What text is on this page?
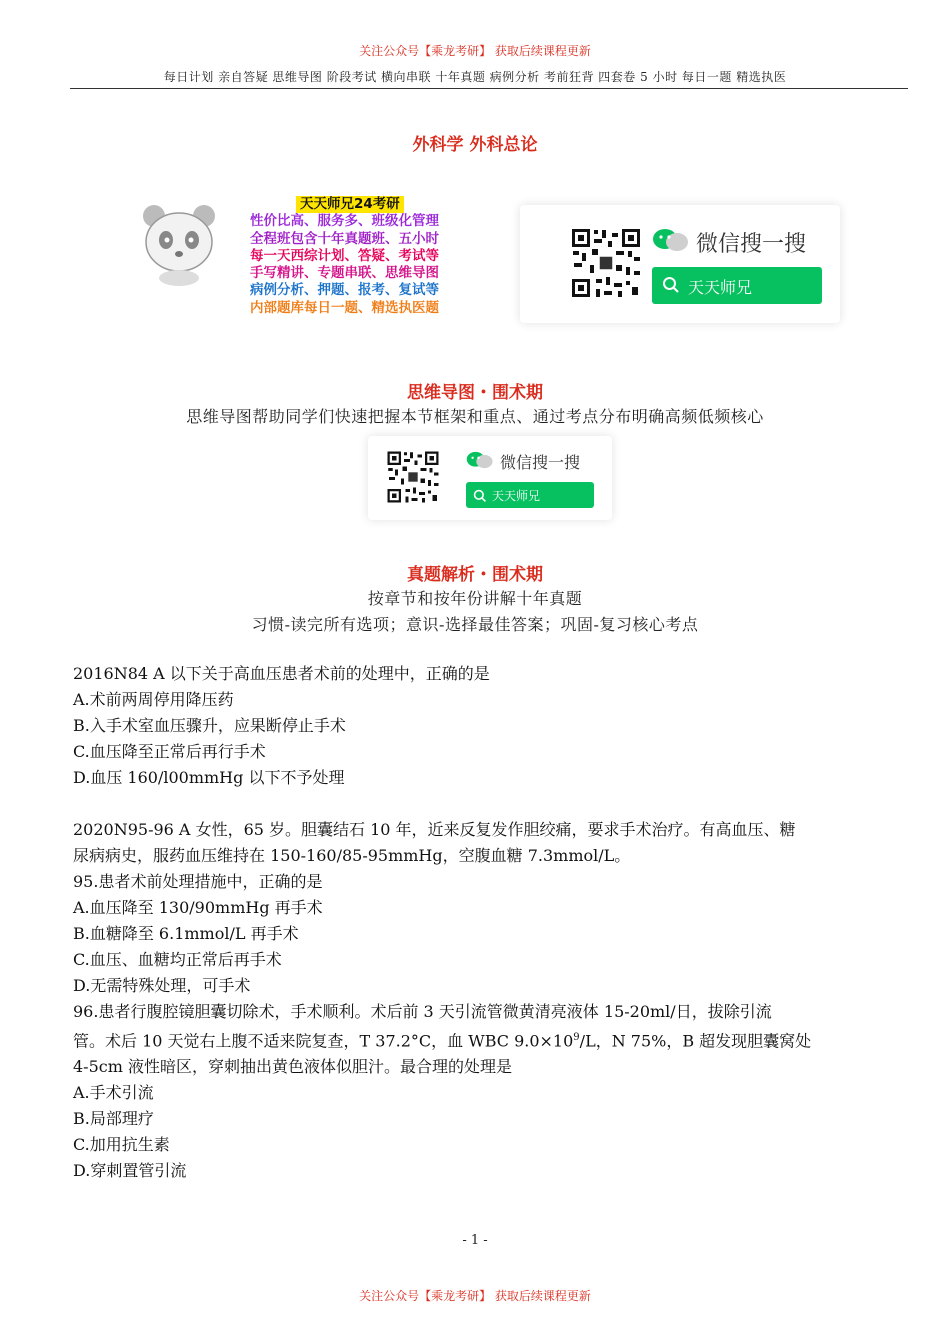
关注公众号【乘龙考研】 获取后续课程更新
每日计划 亲自答疑 思维导图 阶段考试 横向串联 十年真题 病例分析 考前狂背 四套卷 5 小时 每日一题 精选执医
外科学 外科总论
天天师兄24考研
性价比高、服务多、班级化管理
全程班包含十年真题班、五小时
每一天西综计划、答疑、考试等
手写精讲、专题串联、思维导图
病例分析、押题、报考、复试等
内部题库每日一题、精选执医题
微信搜一搜
天天师兄
思维导图・围术期
思维导图帮助同学们快速把握本节框架和重点、通过考点分布明确高频低频核心
微信搜一搜
天天师兄
真题解析・围术期
按章节和按年份讲解十年真题
习惯-读完所有选项；意识-选择最佳答案；巩固-复习核心考点

2016N84 A 以下关于高血压患者术前的处理中，正确的是

A.术前两周停用降压药

B.入手术室血压骤升，应果断停止手术

C.血压降至正常后再行手术

D.血压 160/l00mmHg 以下不予处理

2020N95-96 A 女性，65 岁。胆囊结石 10 年，近来反复发作胆绞痛，要求手术治疗。有高血压、糖

尿病病史，服药血压维持在 150-160/85-95mmHg，空腹血糖 7.3mmol/L。

95.患者术前处理措施中，正确的是

A.血压降至 130/90mmHg 再手术

B.血糖降至 6.1mmol/L 再手术

C.血压、血糖均正常后再手术

D.无需特殊处理，可手术

96.患者行腹腔镜胆囊切除术，手术顺利。术后前 3 天引流管微黄清亮液体 15-20ml/日，拔除引流

管。术后 10 天觉右上腹不适来院复查，T 37.2°C，血 WBC $9.0\times 10^9/L$，N 75%，B 超发现胆囊窝处

4-5cm 液性暗区，穿刺抽出黄色液体似胆汁。最合理的处理是

A.手术引流

B.局部理疗

C.加用抗生素

D.穿刺置管引流

- 1 -
关注公众号【乘龙考研】 获取后续课程更新
